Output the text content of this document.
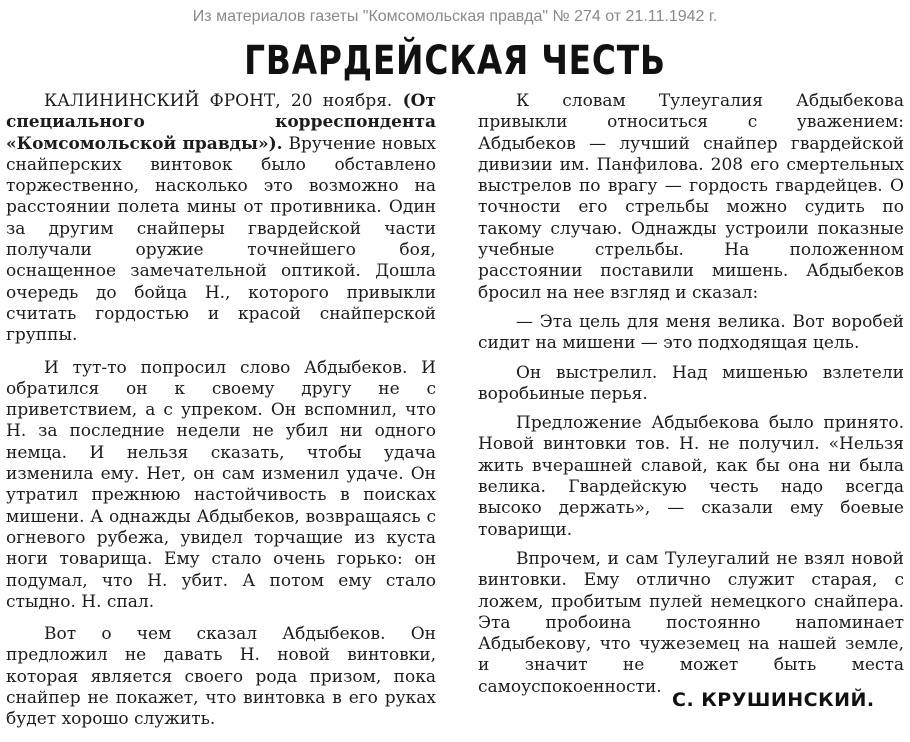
Из материалов газеты "Комсомольская правда" № 274 от 21.11.1942 г.
ГВАРДЕЙСКАЯ ЧЕСТЬ

КАЛИНИНСКИЙ ФРОНТ, 20 ноября. (От специального корреспондента «Комсомольской правды»). Вручение новых снайперских винтовок было обставлено торжественно, насколько это возможно на расстоянии полета мины от противника. Один за другим снайперы гвардейской части получали оружие точнейшего боя, оснащенное замечательной оптикой. Дошла очередь до бойца Н., которого привыкли считать гордостью и красой снайперской группы.

И тут-то попросил слово Абдыбеков. И обратился он к своему другу не с приветствием, а с упреком. Он вспомнил, что Н. за последние недели не убил ни одного немца. И нельзя сказать, чтобы удача изменила ему. Нет, он сам изменил удаче. Он утратил прежнюю настойчивость в поисках мишени. А однажды Абдыбеков, возвращаясь с огневого рубежа, увидел торчащие из куста ноги товарища. Ему стало очень горько: он подумал, что Н. убит. А потом ему стало стыдно. Н. спал.

Вот о чем сказал Абдыбеков. Он предложил не давать Н. новой винтовки, которая является своего рода призом, пока снайпер не покажет, что винтовка в его руках будет хорошо служить.

К словам Тулеугалия Абдыбекова привыкли относиться с уважением: Абдыбеков — лучший снайпер гвардейской дивизии им. Панфилова. 208 его смертельных выстрелов по врагу — гордость гвардейцев. О точности его стрельбы можно судить по такому случаю. Однажды устроили показные учебные стрельбы. На положенном расстоянии поставили мишень. Абдыбеков бросил на нее взгляд и сказал:

— Эта цель для меня велика. Вот воробей сидит на мишени — это подходящая цель.

Он выстрелил. Над мишенью взлетели воробьиные перья.

Предложение Абдыбекова было принято. Новой винтовки тов. Н. не получил. «Нельзя жить вчерашней славой, как бы она ни была велика. Гвардейскую честь надо всегда высоко держать», — сказали ему боевые товарищи.

Впрочем, и сам Тулеугалий не взял новой винтовки. Ему отлично служит старая, с ложем, пробитым пулей немецкого снайпера. Эта пробоина постоянно напоминает Абдыбекову, что чужеземец на нашей земле, и значит не может быть места самоуспокоенности.

С. КРУШИНСКИЙ.
